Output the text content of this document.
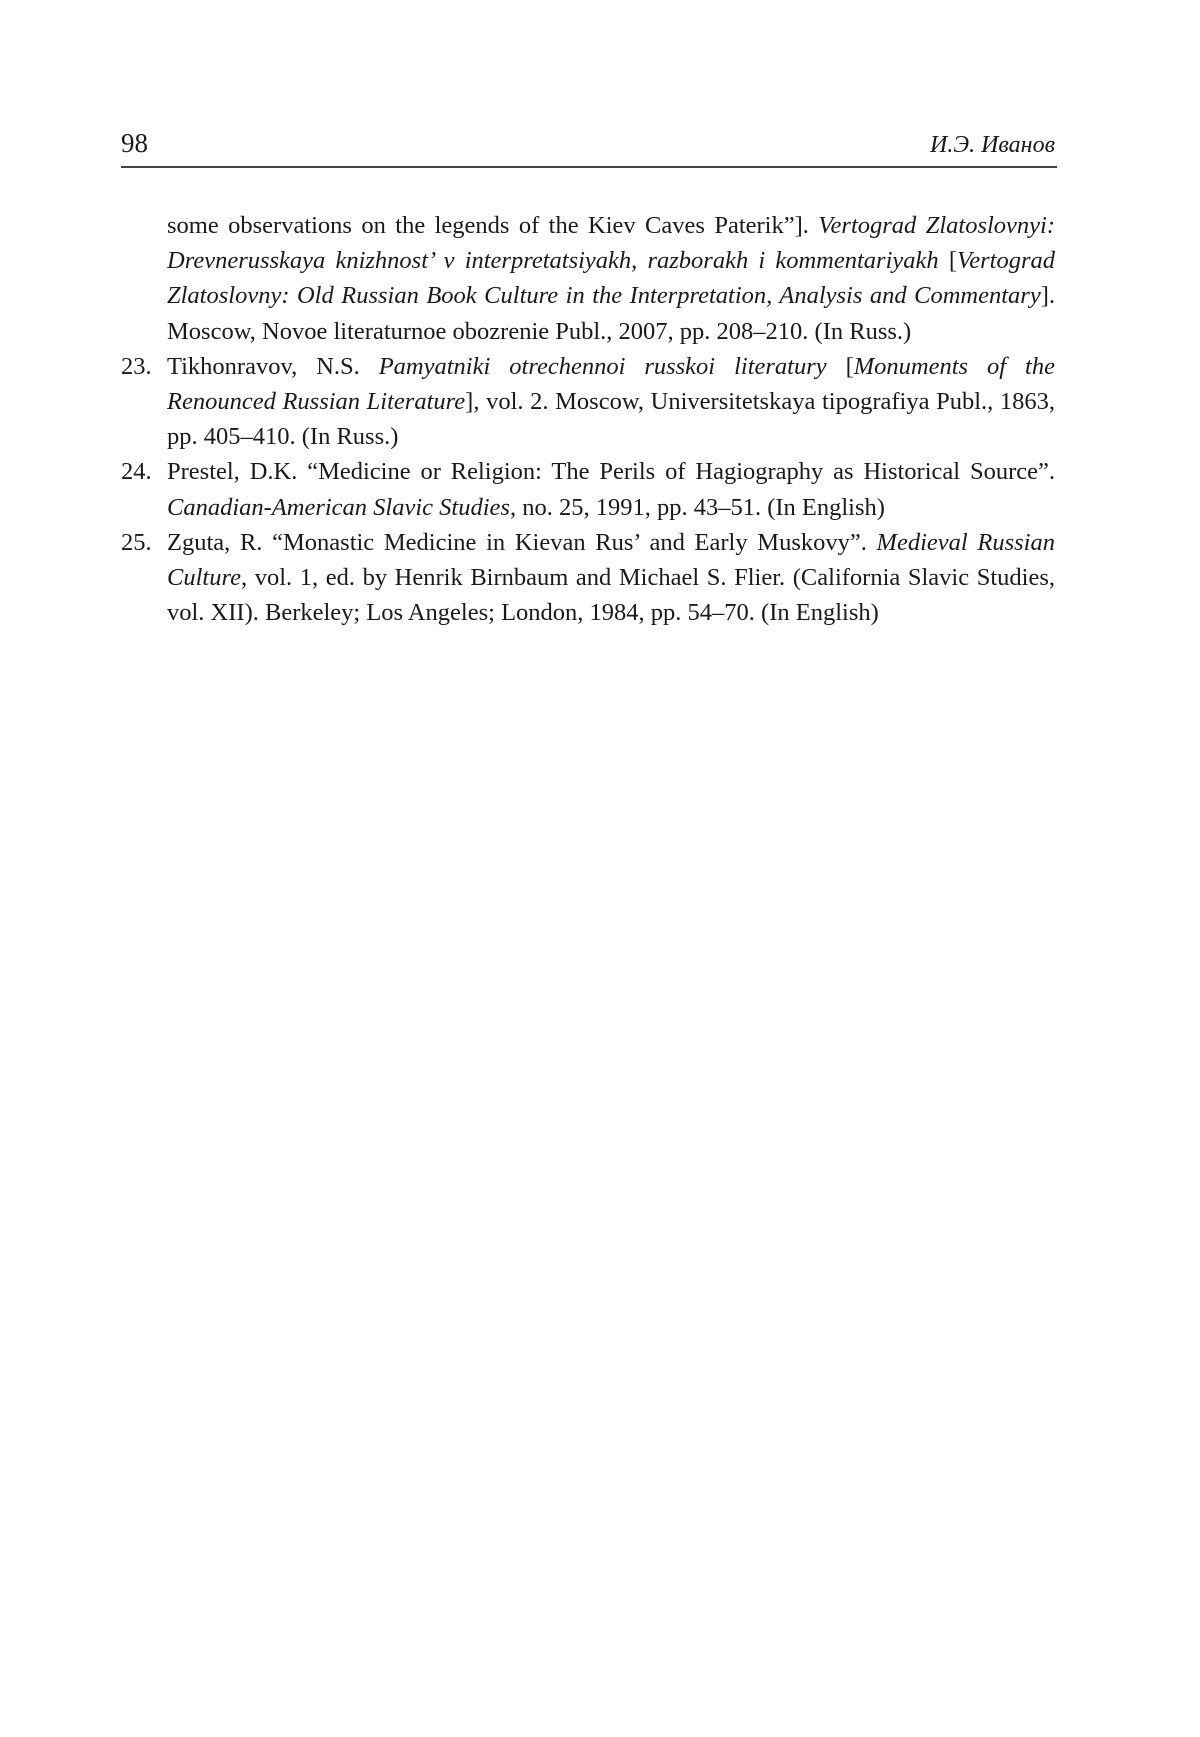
98	И.Э. Иванов
some observations on the legends of the Kiev Caves Paterik”]. Vertograd Zlatoslovnyi: Drevnerusskaya knizhnost’ v interpretatsiyakh, razborakh i kommentariyakh [Vertograd Zlatoslovny: Old Russian Book Culture in the Interpretation, Analysis and Commentary]. Moscow, Novoe literaturnoe obozrenie Publ., 2007, pp. 208–210. (In Russ.)
23. Tikhonravov, N.S. Pamyatniki otrechennoi russkoi literatury [Monuments of the Renounced Russian Literature], vol. 2. Moscow, Universitetskaya tipografiya Publ., 1863, pp. 405–410. (In Russ.)
24. Prestel, D.K. “Medicine or Religion: The Perils of Hagiography as Historical Source”. Canadian-American Slavic Studies, no. 25, 1991, pp. 43–51. (In English)
25. Zguta, R. “Monastic Medicine in Kievan Rus’ and Early Muskovy”. Medieval Russian Culture, vol. 1, ed. by Henrik Birnbaum and Michael S. Flier. (California Slavic Studies, vol. XII). Berkeley; Los Angeles; London, 1984, pp. 54–70. (In English)
